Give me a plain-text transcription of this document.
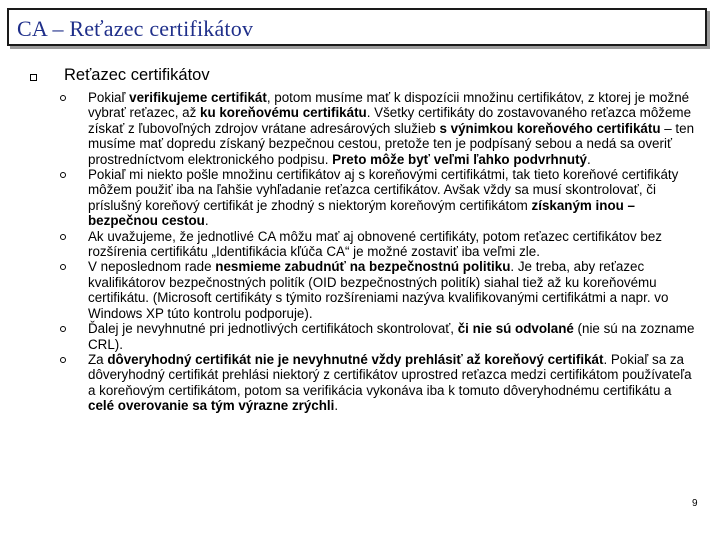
CA – Reťazec certifikátov
Reťazec certifikátov
Pokiaľ verifikujeme certifikát, potom musíme mať k dispozícii množinu certifikátov, z ktorej je možné vybrať reťazec, až ku koreňovému certifikátu. Všetky certifikáty do zostavovaného reťazca môžeme získať z ľubovoľných zdrojov vrátane adresárových služieb s výnimkou koreňového certifikátu – ten musíme mať dopredu získaný bezpečnou cestou, pretože ten je podpísaný sebou a nedá sa overiť prostredníctvom elektronického podpisu. Preto môže byť veľmi ľahko podvrhnutý.
Pokiaľ mi niekto pošle množinu certifikátov aj s koreňovými certifikátmi, tak tieto koreňové certifikáty môžem použiť iba na ľahšie vyhľadanie reťazca certifikátov. Avšak vždy sa musí skontrolovať, či príslušný koreňový certifikát je zhodný s niektorým koreňovým certifikátom získaným inou – bezpečnou cestou.
Ak uvažujeme, že jednotlivé CA môžu mať aj obnovené certifikáty, potom reťazec certifikátov bez rozšírenia certifikátu „Identifikácia kľúča CA“ je možné zostaviť iba veľmi zle.
V neposlednom rade nesmieme zabudnúť na bezpečnostnú politiku. Je treba, aby reťazec kvalifikátorov bezpečnostných politík (OID bezpečnostných politík) siahal tiež až ku koreňovému certifikátu. (Microsoft certifikáty s týmito rozšíreniami nazýva kvalifikovanými certifikátmi a napr. vo Windows XP túto kontrolu podporuje).
Ďalej je nevyhnutné pri jednotlivých certifikátoch skontrolovať, či nie sú odvolané (nie sú na zozname CRL).
Za dôveryhodný certifikát nie je nevyhnutné vždy prehlásiť až koreňový certifikát. Pokiaľ sa za dôveryhodný certifikát prehlási niektorý z certifikátov uprostred reťazca medzi certifikátom používateľa a koreňovým certifikátom, potom sa verifikácia vykonáva iba k tomuto dôveryhodnému certifikátu a celé overovanie sa tým výrazne zrýchli.
9
